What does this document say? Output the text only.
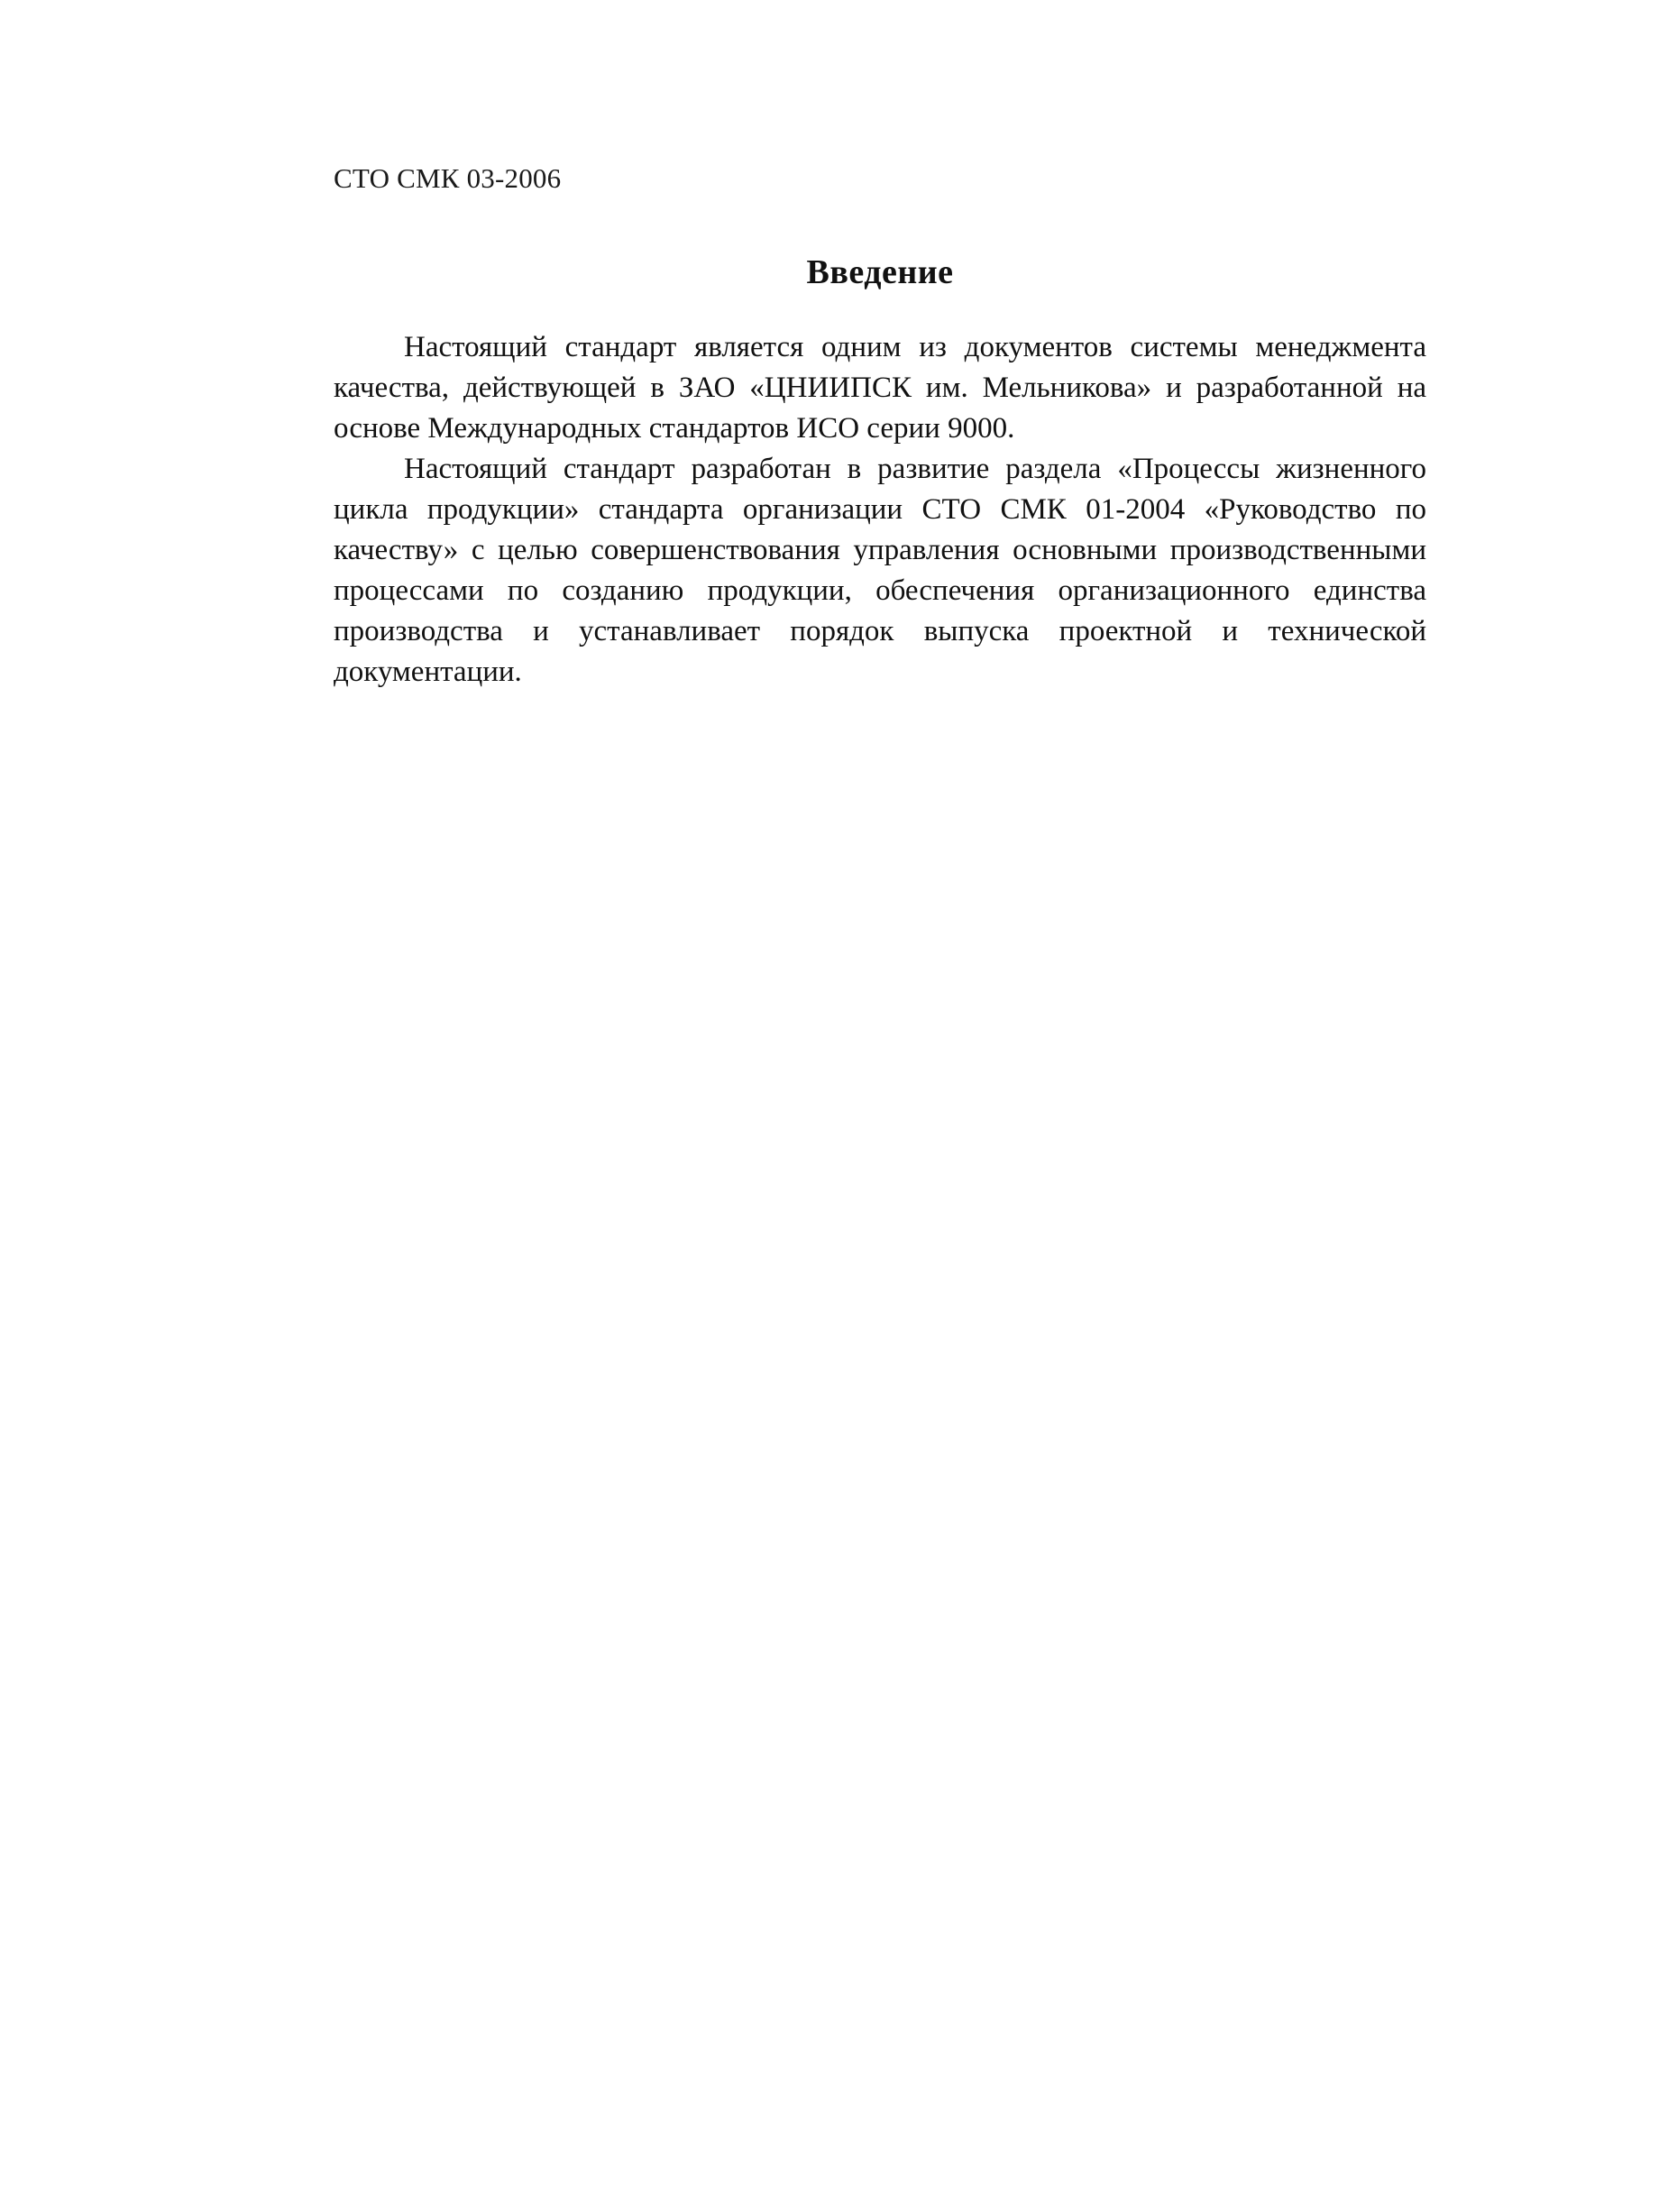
СТО СМК 03-2006
Введение

Настоящий стандарт является одним из документов системы менеджмента качества, действующей в ЗАО «ЦНИИПСК им. Мельникова» и разработанной на основе Международных стандартов ИСО серии 9000.

Настоящий стандарт разработан в развитие раздела «Процессы жизненного цикла продукции» стандарта организации СТО СМК 01-2004 «Руководство по качеству» с целью совершенствования управления основными производственными процессами по созданию продукции, обеспечения организационного единства производства и устанавливает порядок выпуска проектной и технической документации.
